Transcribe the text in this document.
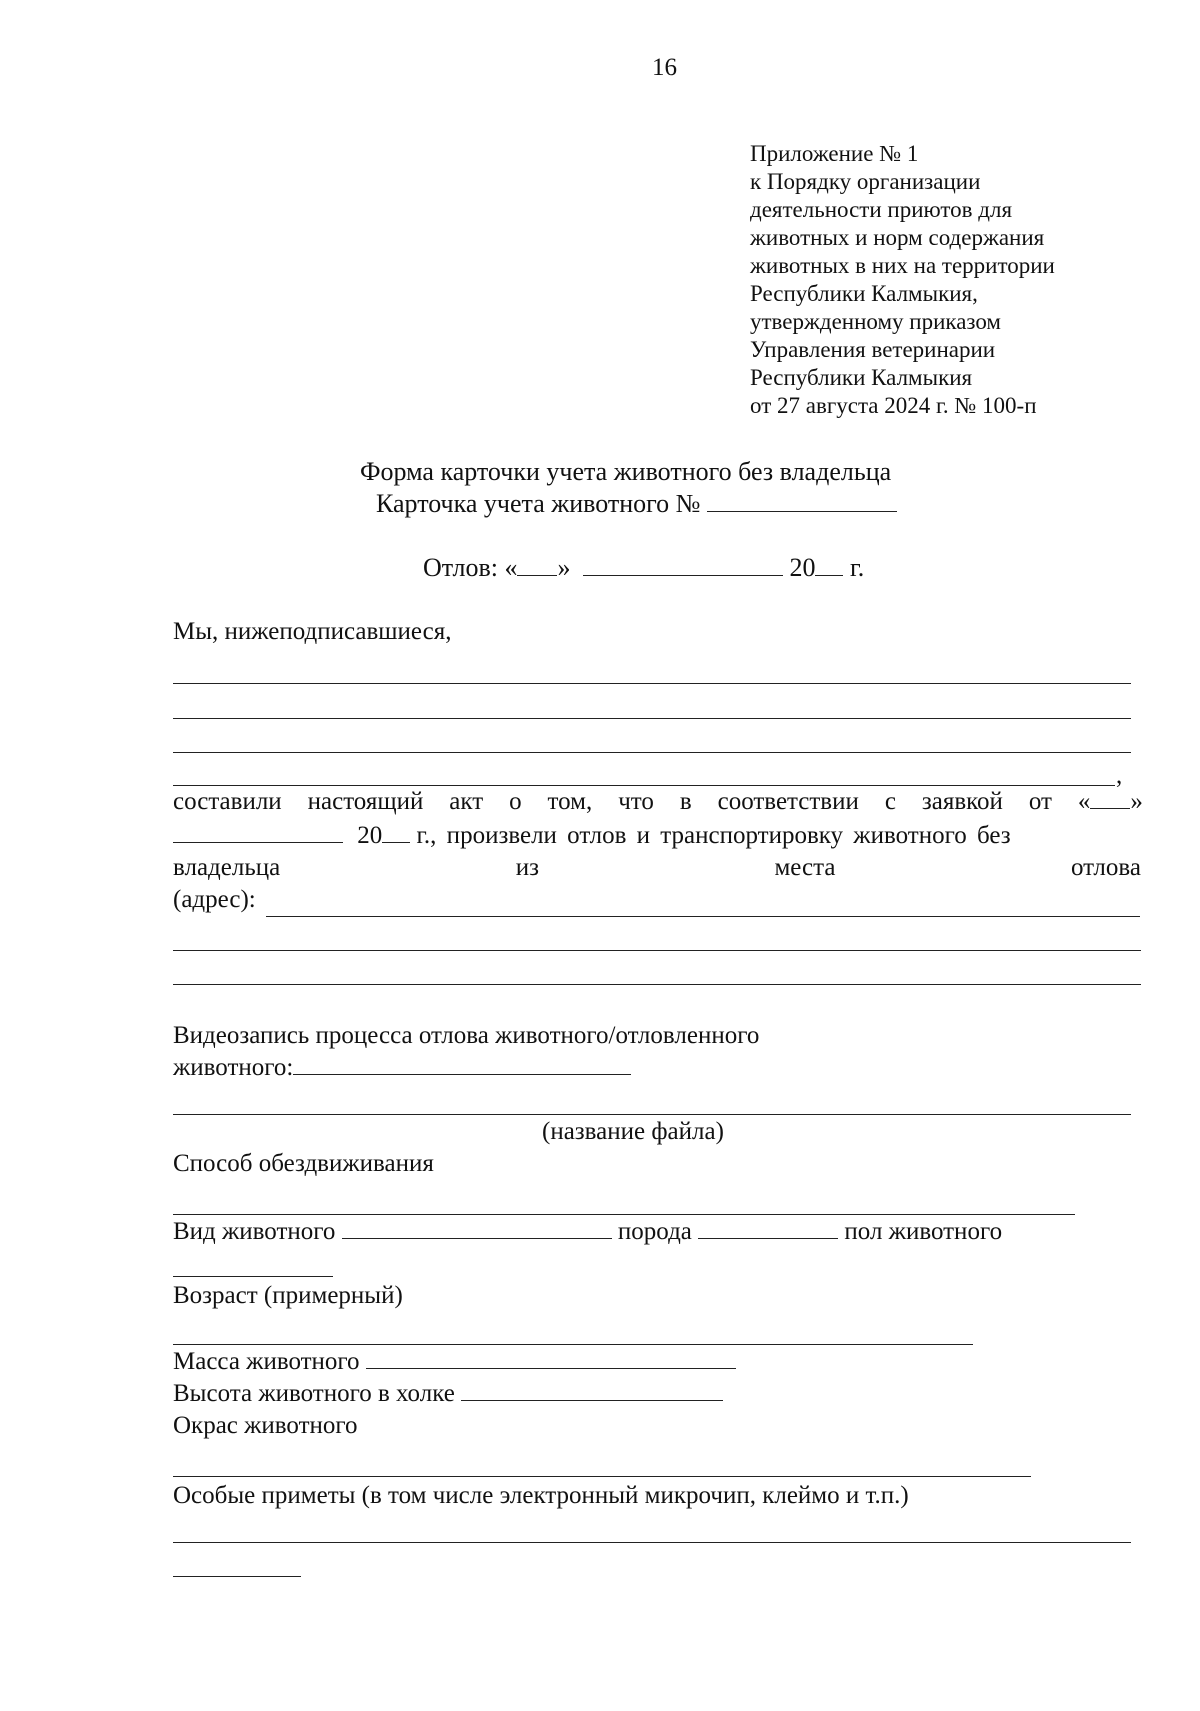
16
Приложение № 1
к Порядку организации
деятельности приютов для
животных и норм содержания
животных в них на территории
Республики Калмыкия,
утвержденному приказом
Управления ветеринарии
Республики Калмыкия
от 27 августа 2024 г. № 100-п
Форма карточки учета животного без владельца
Карточка учета животного №
Отлов: « »	20 г.
Мы, нижеподписавшиеся,
,
составили настоящий акт о том, что в соответствии с заявкой от « »
20 г., произвели отлов и транспортировку животного без
владельца	из	места	отлова
(адрес):
Видеозапись процесса отлова животного/отловленного
животного:
(название файла)
Способ обездвиживания
Вид животного	порода	пол животного
Возраст (примерный)
Масса животного
Высота животного в холке
Окрас животного
Особые приметы (в том числе электронный микрочип, клеймо и т.п.)
